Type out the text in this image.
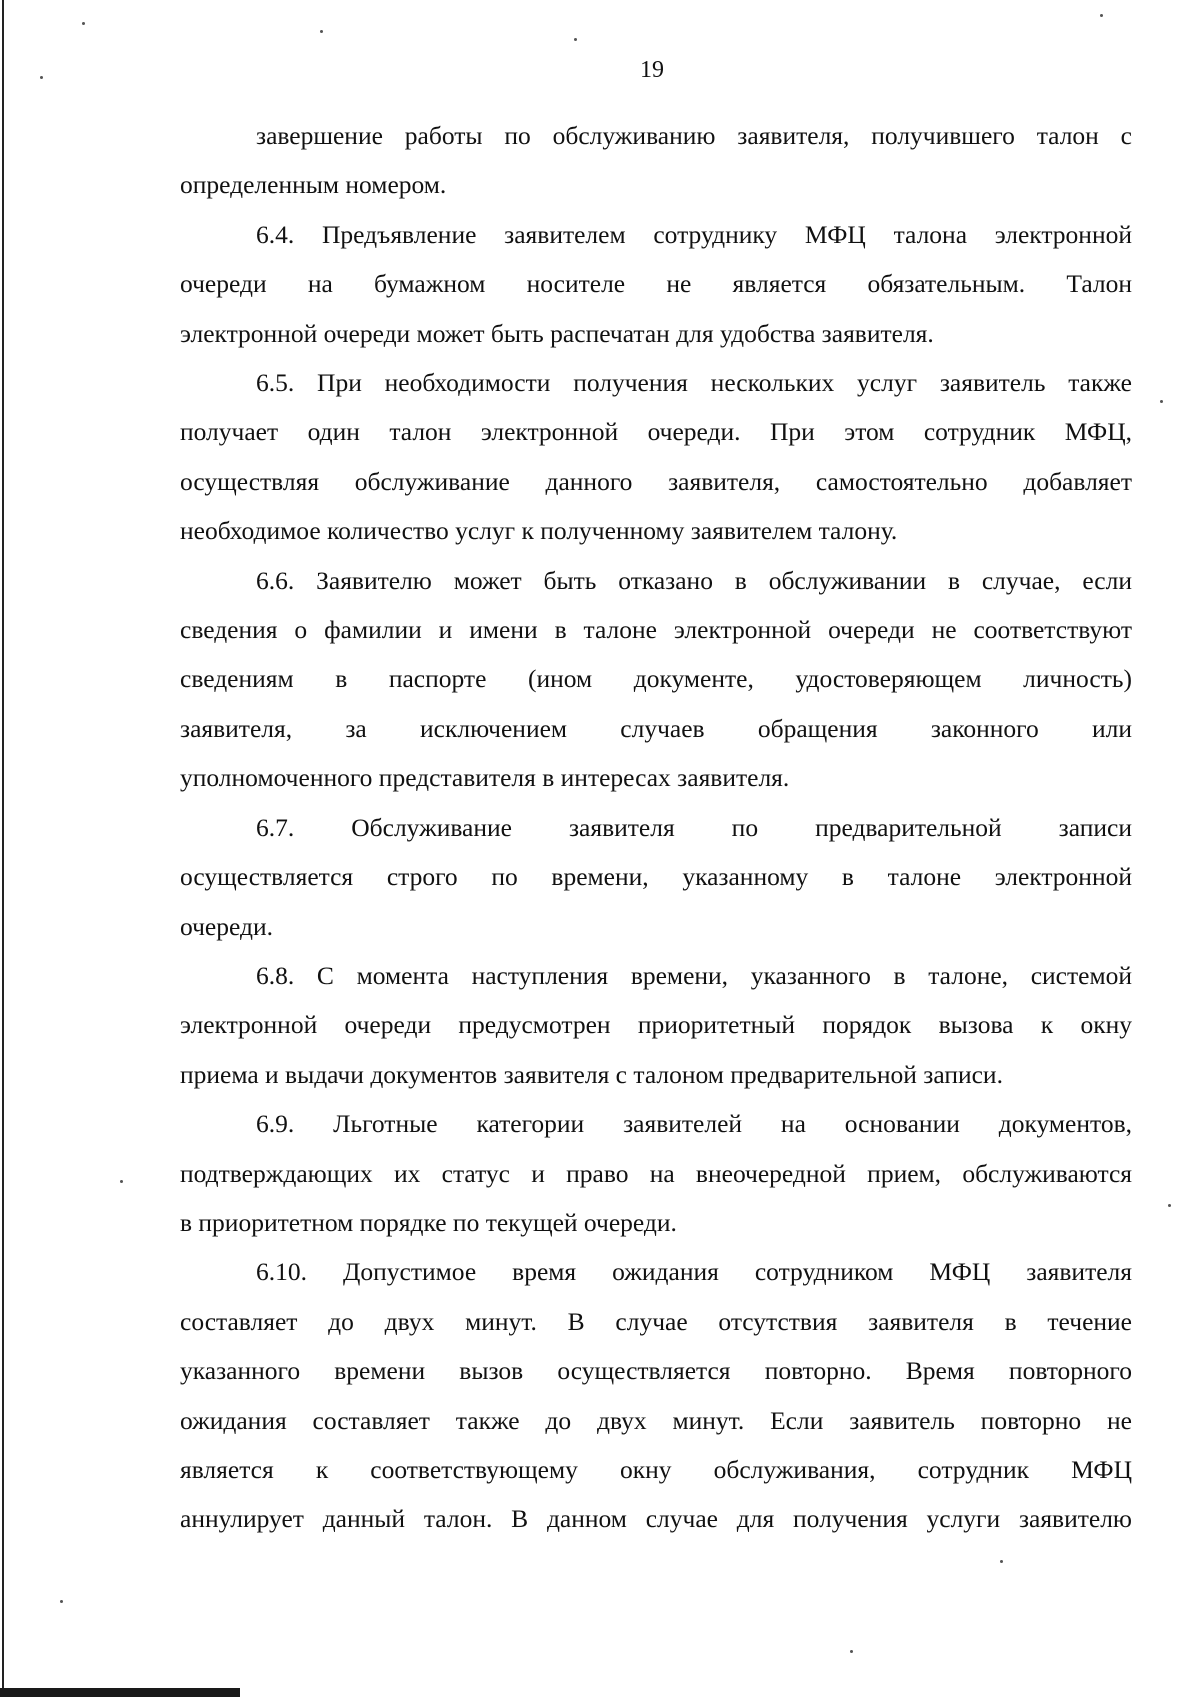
19
завершение работы по обслуживанию заявителя, получившего талон с
определенным номером.
6.4. Предъявление заявителем сотруднику МФЦ талона электронной
очереди на бумажном носителе не является обязательным. Талон
электронной очереди может быть распечатан для удобства заявителя.
6.5. При необходимости получения нескольких услуг заявитель также
получает один талон электронной очереди. При этом сотрудник МФЦ,
осуществляя обслуживание данного заявителя, самостоятельно добавляет
необходимое количество услуг к полученному заявителем талону.
6.6. Заявителю может быть отказано в обслуживании в случае, если
сведения о фамилии и имени в талоне электронной очереди не соответствуют
сведениям в паспорте (ином документе, удостоверяющем личность)
заявителя, за исключением случаев обращения законного или
уполномоченного представителя в интересах заявителя.
6.7. Обслуживание заявителя по предварительной записи
осуществляется строго по времени, указанному в талоне электронной
очереди.
6.8. С момента наступления времени, указанного в талоне, системой
электронной очереди предусмотрен приоритетный порядок вызова к окну
приема и выдачи документов заявителя с талоном предварительной записи.
6.9. Льготные категории заявителей на основании документов,
подтверждающих их статус и право на внеочередной прием, обслуживаются
в приоритетном порядке по текущей очереди.
6.10. Допустимое время ожидания сотрудником МФЦ заявителя
составляет до двух минут. В случае отсутствия заявителя в течение
указанного времени вызов осуществляется повторно. Время повторного
ожидания составляет также до двух минут. Если заявитель повторно не
является к соответствующему окну обслуживания, сотрудник МФЦ
аннулирует данный талон. В данном случае для получения услуги заявителю
